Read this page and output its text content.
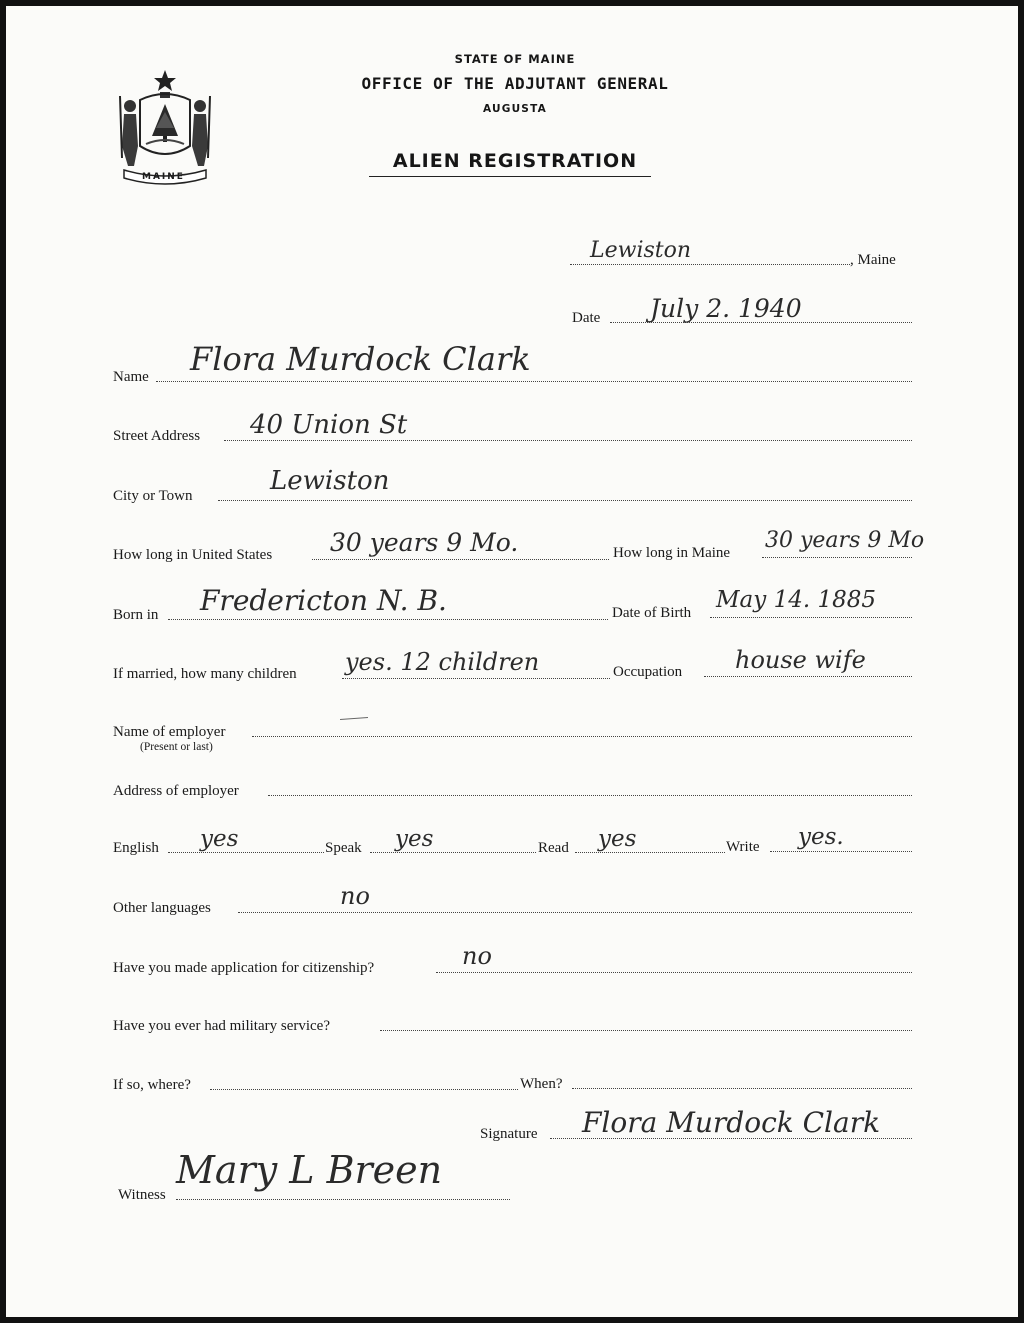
MAINE
STATE OF MAINE
OFFICE OF THE ADJUTANT GENERAL
AUGUSTA
ALIEN REGISTRATION
Lewiston	, Maine
Date July 2. 1940
Name Flora Murdock Clark
Street Address 40 Union St
City or Town	Lewiston
How long in United States 30 years 9 Mo.	How long in Maine 30 years 9 Mo
Born in Fredericton N. B.	Date of Birth May 14. 1885
If married, how many children yes. 12 children	Occupation house wife
Name of employer
(Present or last)
Address of employer
English yes	Speak yes	Read yes	Write yes.
Other languages	no
Have you made application for citizenship?	no
Have you ever had military service?
If so, where?	When?
Signature Flora Murdock Clark
Witness
Mary L Breen
